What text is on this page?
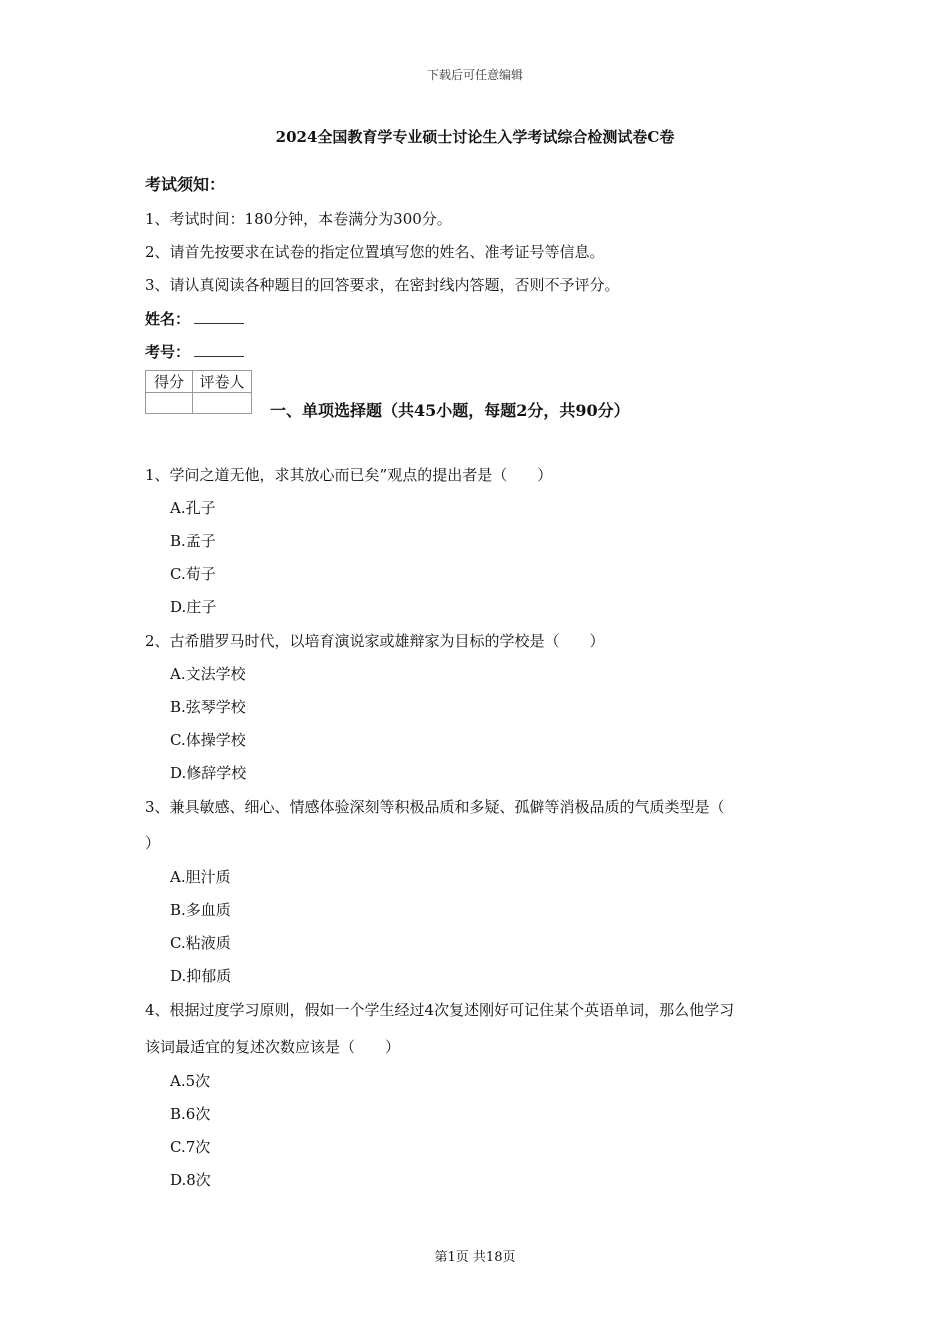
下载后可任意编辑
2024全国教育学专业硕士讨论生入学考试综合检测试卷C卷
考试须知：
1、考试时间：180分钟，本卷满分为300分。
2、请首先按要求在试卷的指定位置填写您的姓名、准考证号等信息。
3、请认真阅读各种题目的回答要求，在密封线内答题，否则不予评分。
姓名：
考号：
得分	评卷人

一、单项选择题（共45小题，每题2分，共90分）
1、学问之道无他，求其放心而已矣”观点的提出者是（　　）
A.孔子
B.孟子
C.荀子
D.庄子
2、古希腊罗马时代，以培育演说家或雄辩家为目标的学校是（　　）
A.文法学校
B.弦琴学校
C.体操学校
D.修辞学校
3、兼具敏感、细心、情感体验深刻等积极品质和多疑、孤僻等消极品质的气质类型是（
）
A.胆汁质
B.多血质
C.粘液质
D.抑郁质
4、根据过度学习原则，假如一个学生经过4次复述刚好可记住某个英语单词，那么他学习
该词最适宜的复述次数应该是（　　）
A.5次
B.6次
C.7次
D.8次
第1页 共18页
